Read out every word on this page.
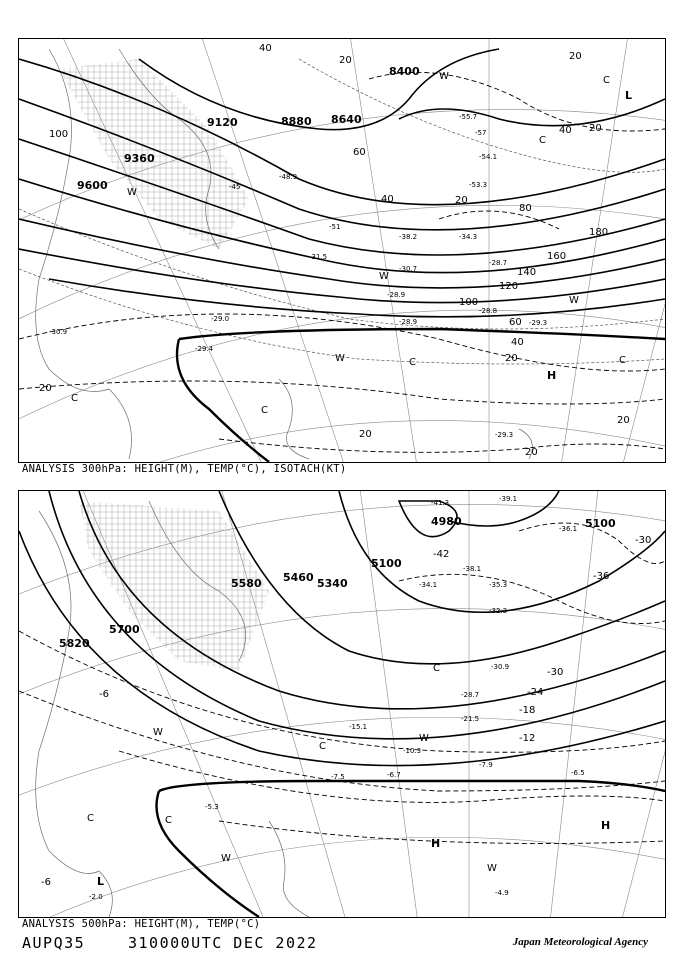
9120	8880 8640
9360
9600
8400
40
20
60
80
100
120
140
160
180
60
40
20
20
20
20
20
20
100
40
20
20
40
-55.7
-57
-54.1
-53.3
-51
-45
-48.9
-38.2	-34.3
-31.5
-30.7
-28.7
-28.9
-28.9	-29.3
-30.9
-29.0
-28.8
-29.4
-29.3
W	C
L
C
W
W
W	C
H
C
W
C
C
ANALYSIS 300hPa: HEIGHT(M), TEMP(°C), ISOTACH(KT)
4980
5100
5100
5340
5460
5580
5700
5820
-42
-36
-30
-24
-18
-12
-6
-6
-30
-41.3	-39.1
-36.1
-38.1
-34.1	-35.3
-32.3
-30.9
-28.7
-21.5
-15.1
-10.3
-7.9
-6.5
-6.7
-7.5
-5.3
-4.9
-2.0
C
W
C
W
H
H
W
L
C
W
C
ANALYSIS 500hPa: HEIGHT(M), TEMP(°C)
AUPQ35	310000UTC DEC 2022	Japan Meteorological Agency
